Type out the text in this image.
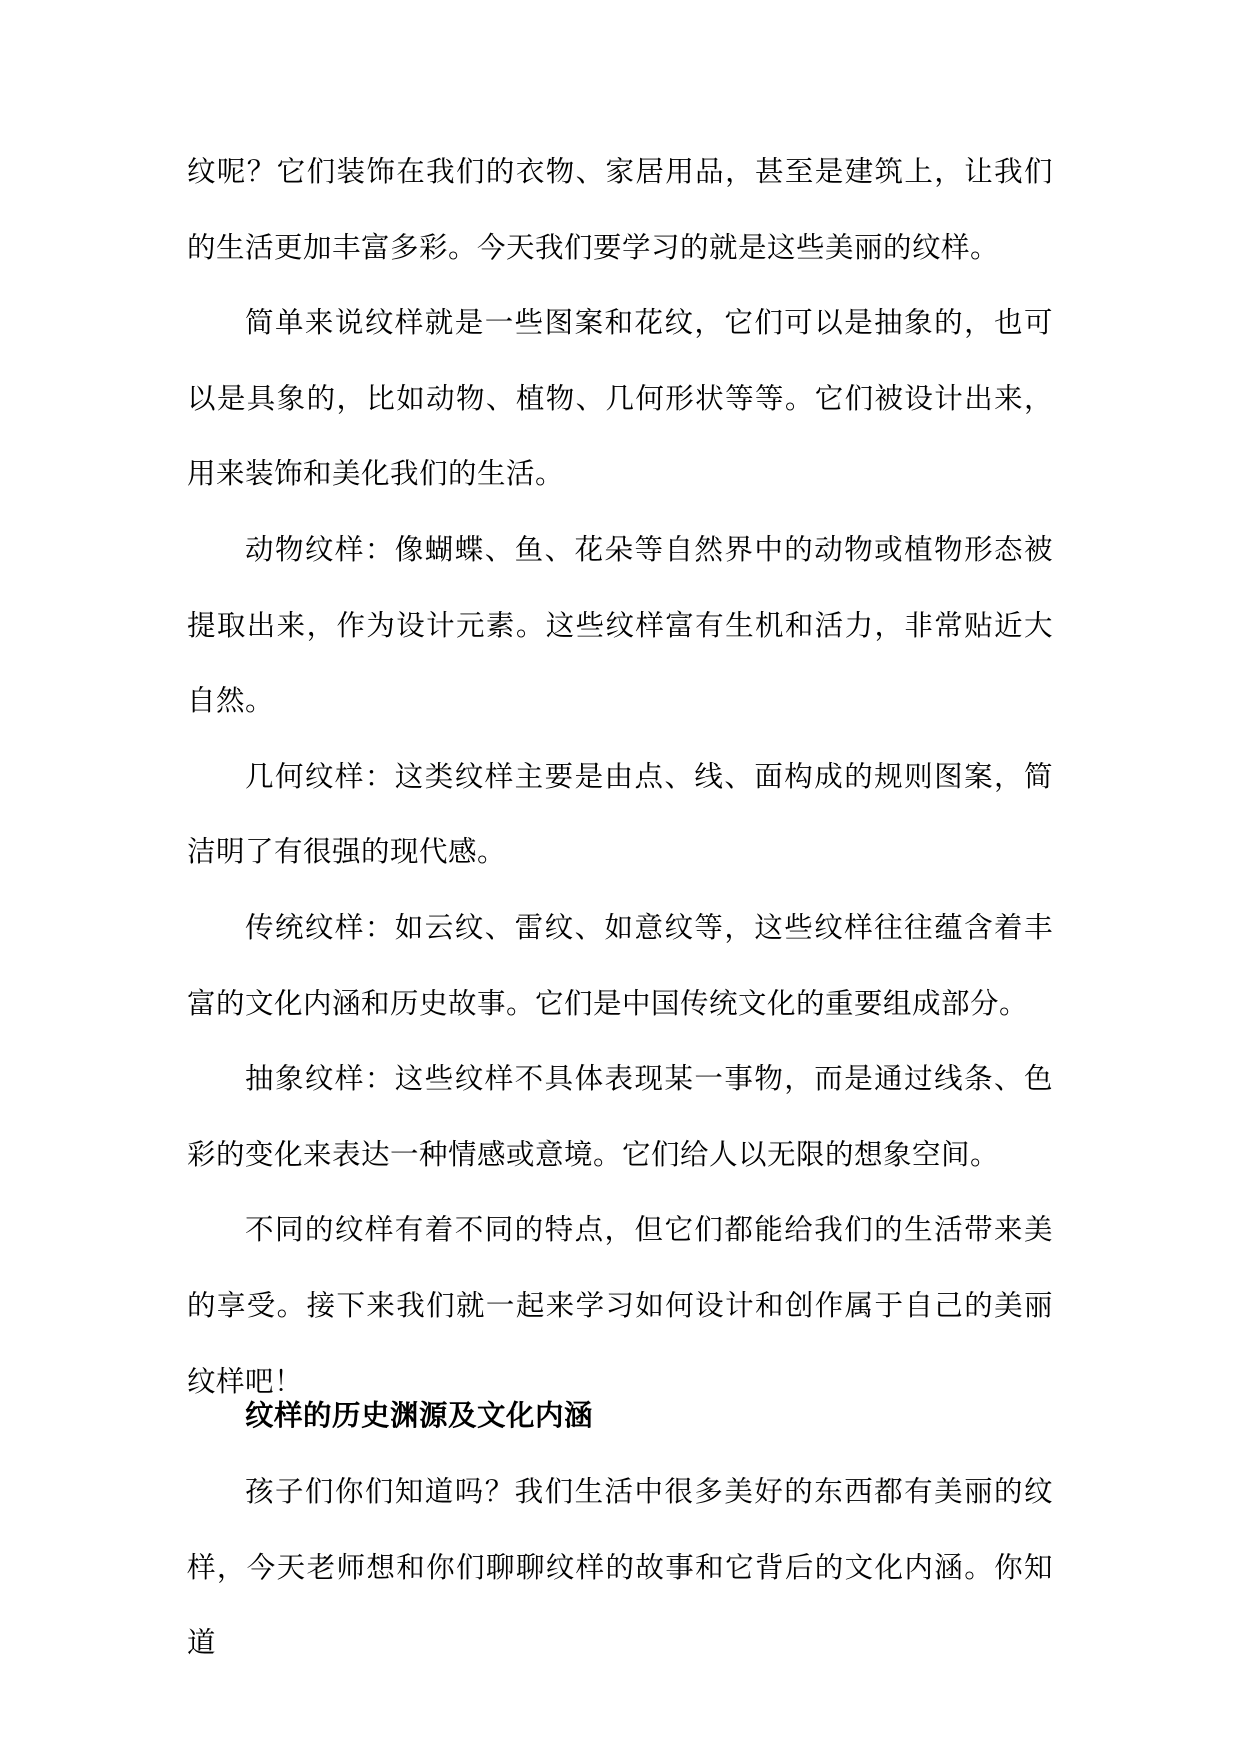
纹呢？它们装饰在我们的衣物、家居用品，甚至是建筑上，让我们的生活更加丰富多彩。今天我们要学习的就是这些美丽的纹样。

简单来说纹样就是一些图案和花纹，它们可以是抽象的，也可以是具象的，比如动物、植物、几何形状等等。它们被设计出来，用来装饰和美化我们的生活。

动物纹样：像蝴蝶、鱼、花朵等自然界中的动物或植物形态被提取出来，作为设计元素。这些纹样富有生机和活力，非常贴近大自然。

几何纹样：这类纹样主要是由点、线、面构成的规则图案，简洁明了有很强的现代感。

传统纹样：如云纹、雷纹、如意纹等，这些纹样往往蕴含着丰富的文化内涵和历史故事。它们是中国传统文化的重要组成部分。

抽象纹样：这些纹样不具体表现某一事物，而是通过线条、色彩的变化来表达一种情感或意境。它们给人以无限的想象空间。

不同的纹样有着不同的特点，但它们都能给我们的生活带来美的享受。接下来我们就一起来学习如何设计和创作属于自己的美丽纹样吧！

纹样的历史渊源及文化内涵

孩子们你们知道吗？我们生活中很多美好的东西都有美丽的纹样，今天老师想和你们聊聊纹样的故事和它背后的文化内涵。你知道
